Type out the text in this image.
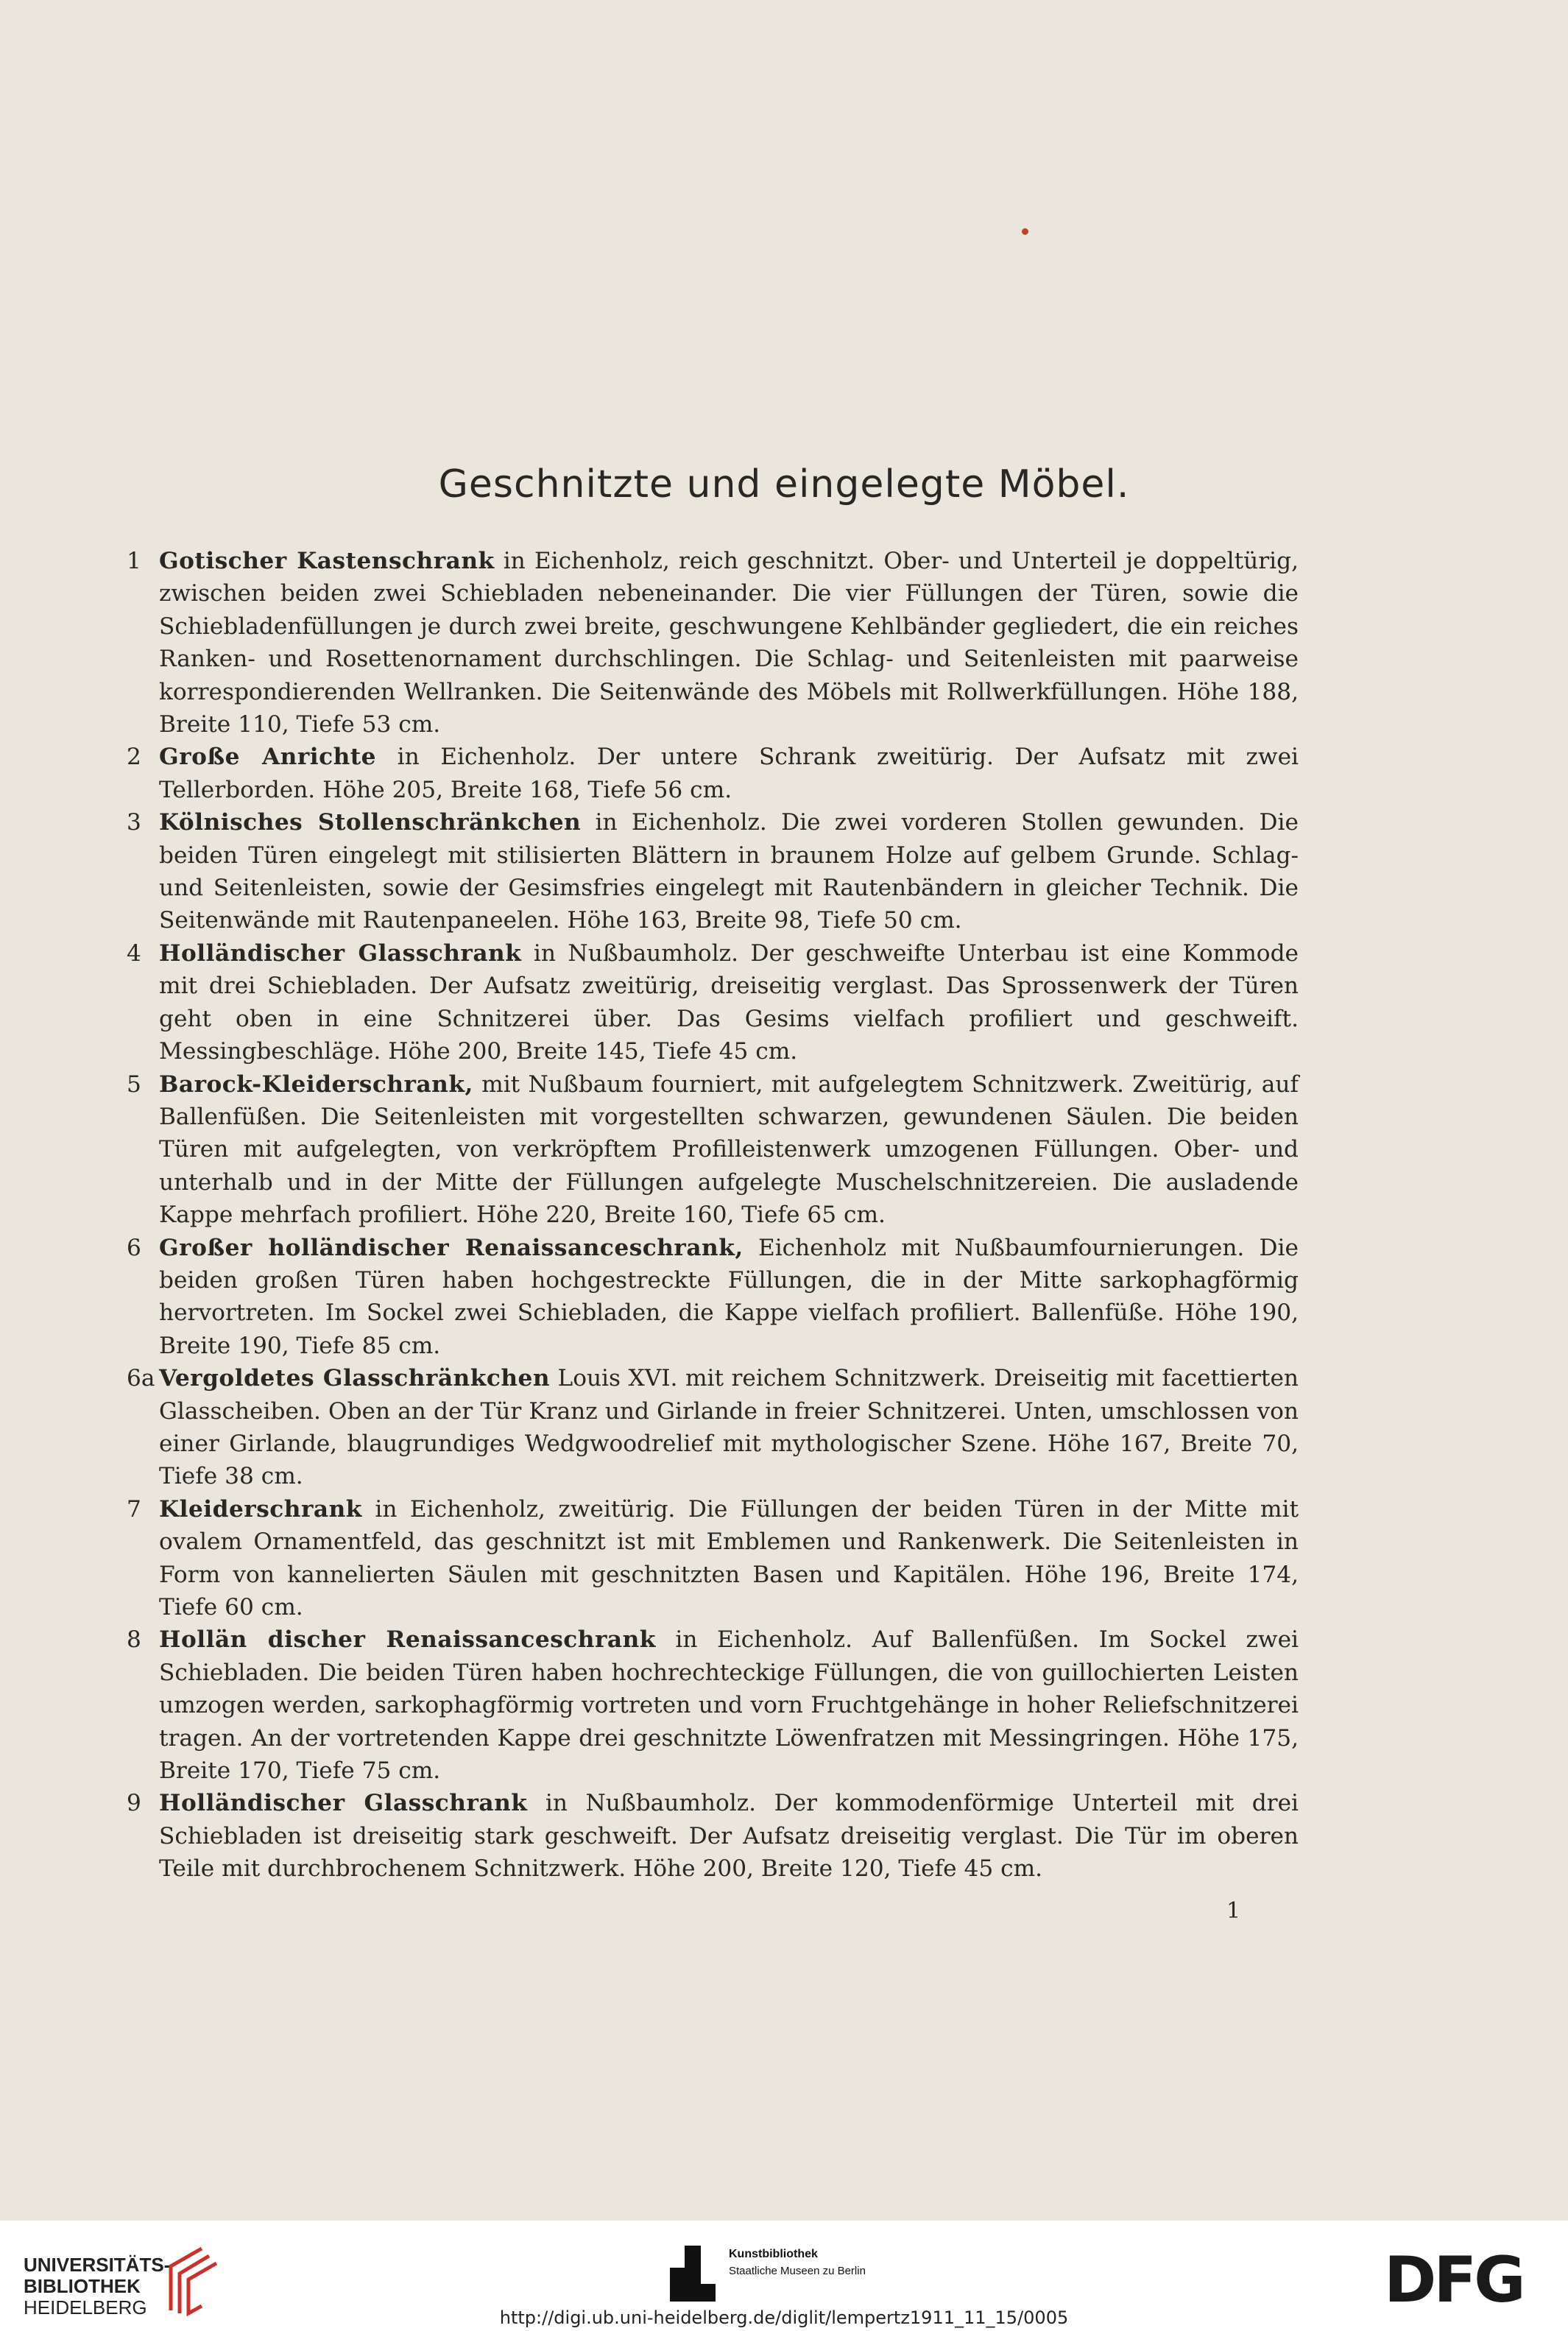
Geschnitzte und eingelegte Möbel.
1 Gotischer Kastenschrank in Eichenholz, reich geschnitzt. Ober- und Unterteil je doppeltürig, zwischen beiden zwei Schiebladen nebeneinander. Die vier Füllungen der Türen, sowie die Schiebladenfüllungen je durch zwei breite, geschwungene Kehlbänder gegliedert, die ein reiches Ranken- und Rosettenornament durchschlingen. Die Schlag- und Seitenleisten mit paarweise korrespondierenden Wellranken. Die Seitenwände des Möbels mit Rollwerkfüllungen. Höhe 188, Breite 110, Tiefe 53 cm.
2 Große Anrichte in Eichenholz. Der untere Schrank zweitürig. Der Aufsatz mit zwei Tellerborden. Höhe 205, Breite 168, Tiefe 56 cm.
3 Kölnisches Stollenschränkchen in Eichenholz. Die zwei vorderen Stollen gewunden. Die beiden Türen eingelegt mit stilisierten Blättern in braunem Holze auf gelbem Grunde. Schlag- und Seitenleisten, sowie der Gesimsfries eingelegt mit Rautenbändern in gleicher Technik. Die Seitenwände mit Rautenpaneelen. Höhe 163, Breite 98, Tiefe 50 cm.
4 Holländischer Glasschrank in Nußbaumholz. Der geschweifte Unterbau ist eine Kommode mit drei Schiebladen. Der Aufsatz zweitürig, dreiseitig verglast. Das Sprossenwerk der Türen geht oben in eine Schnitzerei über. Das Gesims vielfach profiliert und geschweift. Messingbeschläge. Höhe 200, Breite 145, Tiefe 45 cm.
5 Barock-Kleiderschrank, mit Nußbaum fourniert, mit aufgelegtem Schnitzwerk. Zweitürig, auf Ballenfüßen. Die Seitenleisten mit vorgestellten schwarzen, gewundenen Säulen. Die beiden Türen mit aufgelegten, von verkröpftem Profilleistenwerk umzogenen Füllungen. Ober- und unterhalb und in der Mitte der Füllungen aufgelegte Muschelschnitzereien. Die ausladende Kappe mehrfach profiliert. Höhe 220, Breite 160, Tiefe 65 cm.
6 Großer holländischer Renaissanceschrank, Eichenholz mit Nußbaumfournierungen. Die beiden großen Türen haben hochgestreckte Füllungen, die in der Mitte sarkophagförmig hervortreten. Im Sockel zwei Schiebladen, die Kappe vielfach profiliert. Ballenfüße. Höhe 190, Breite 190, Tiefe 85 cm.
6a Vergoldetes Glasschränkchen Louis XVI. mit reichem Schnitzwerk. Dreiseitig mit facettierten Glasscheiben. Oben an der Tür Kranz und Girlande in freier Schnitzerei. Unten, umschlossen von einer Girlande, blaugrundiges Wedgwoodrelief mit mythologischer Szene. Höhe 167, Breite 70, Tiefe 38 cm.
7 Kleiderschrank in Eichenholz, zweitürig. Die Füllungen der beiden Türen in der Mitte mit ovalem Ornamentfeld, das geschnitzt ist mit Emblemen und Rankenwerk. Die Seitenleisten in Form von kannelierten Säulen mit geschnitzten Basen und Kapitälen. Höhe 196, Breite 174, Tiefe 60 cm.
8 Hollän discher Renaissanceschrank in Eichenholz. Auf Ballenfüßen. Im Sockel zwei Schiebladen. Die beiden Türen haben hochrechteckige Füllungen, die von guillochierten Leisten umzogen werden, sarkophagförmig vortreten und vorn Fruchtgehänge in hoher Reliefschnitzerei tragen. An der vortretenden Kappe drei geschnitzte Löwenfratzen mit Messingringen. Höhe 175, Breite 170, Tiefe 75 cm.
9 Holländischer Glasschrank in Nußbaumholz. Der kommodenförmige Unterteil mit drei Schiebladen ist dreiseitig stark geschweift. Der Aufsatz dreiseitig verglast. Die Tür im oberen Teile mit durchbrochenem Schnitzwerk. Höhe 200, Breite 120, Tiefe 45 cm.
1
UNIVERSITÄTS-
BIBLIOTHEK
HEIDELBERG
Kunstbibliothek
Staatliche Museen zu Berlin	DFG
http://digi.ub.uni-heidelberg.de/diglit/lempertz1911_11_15/0005
